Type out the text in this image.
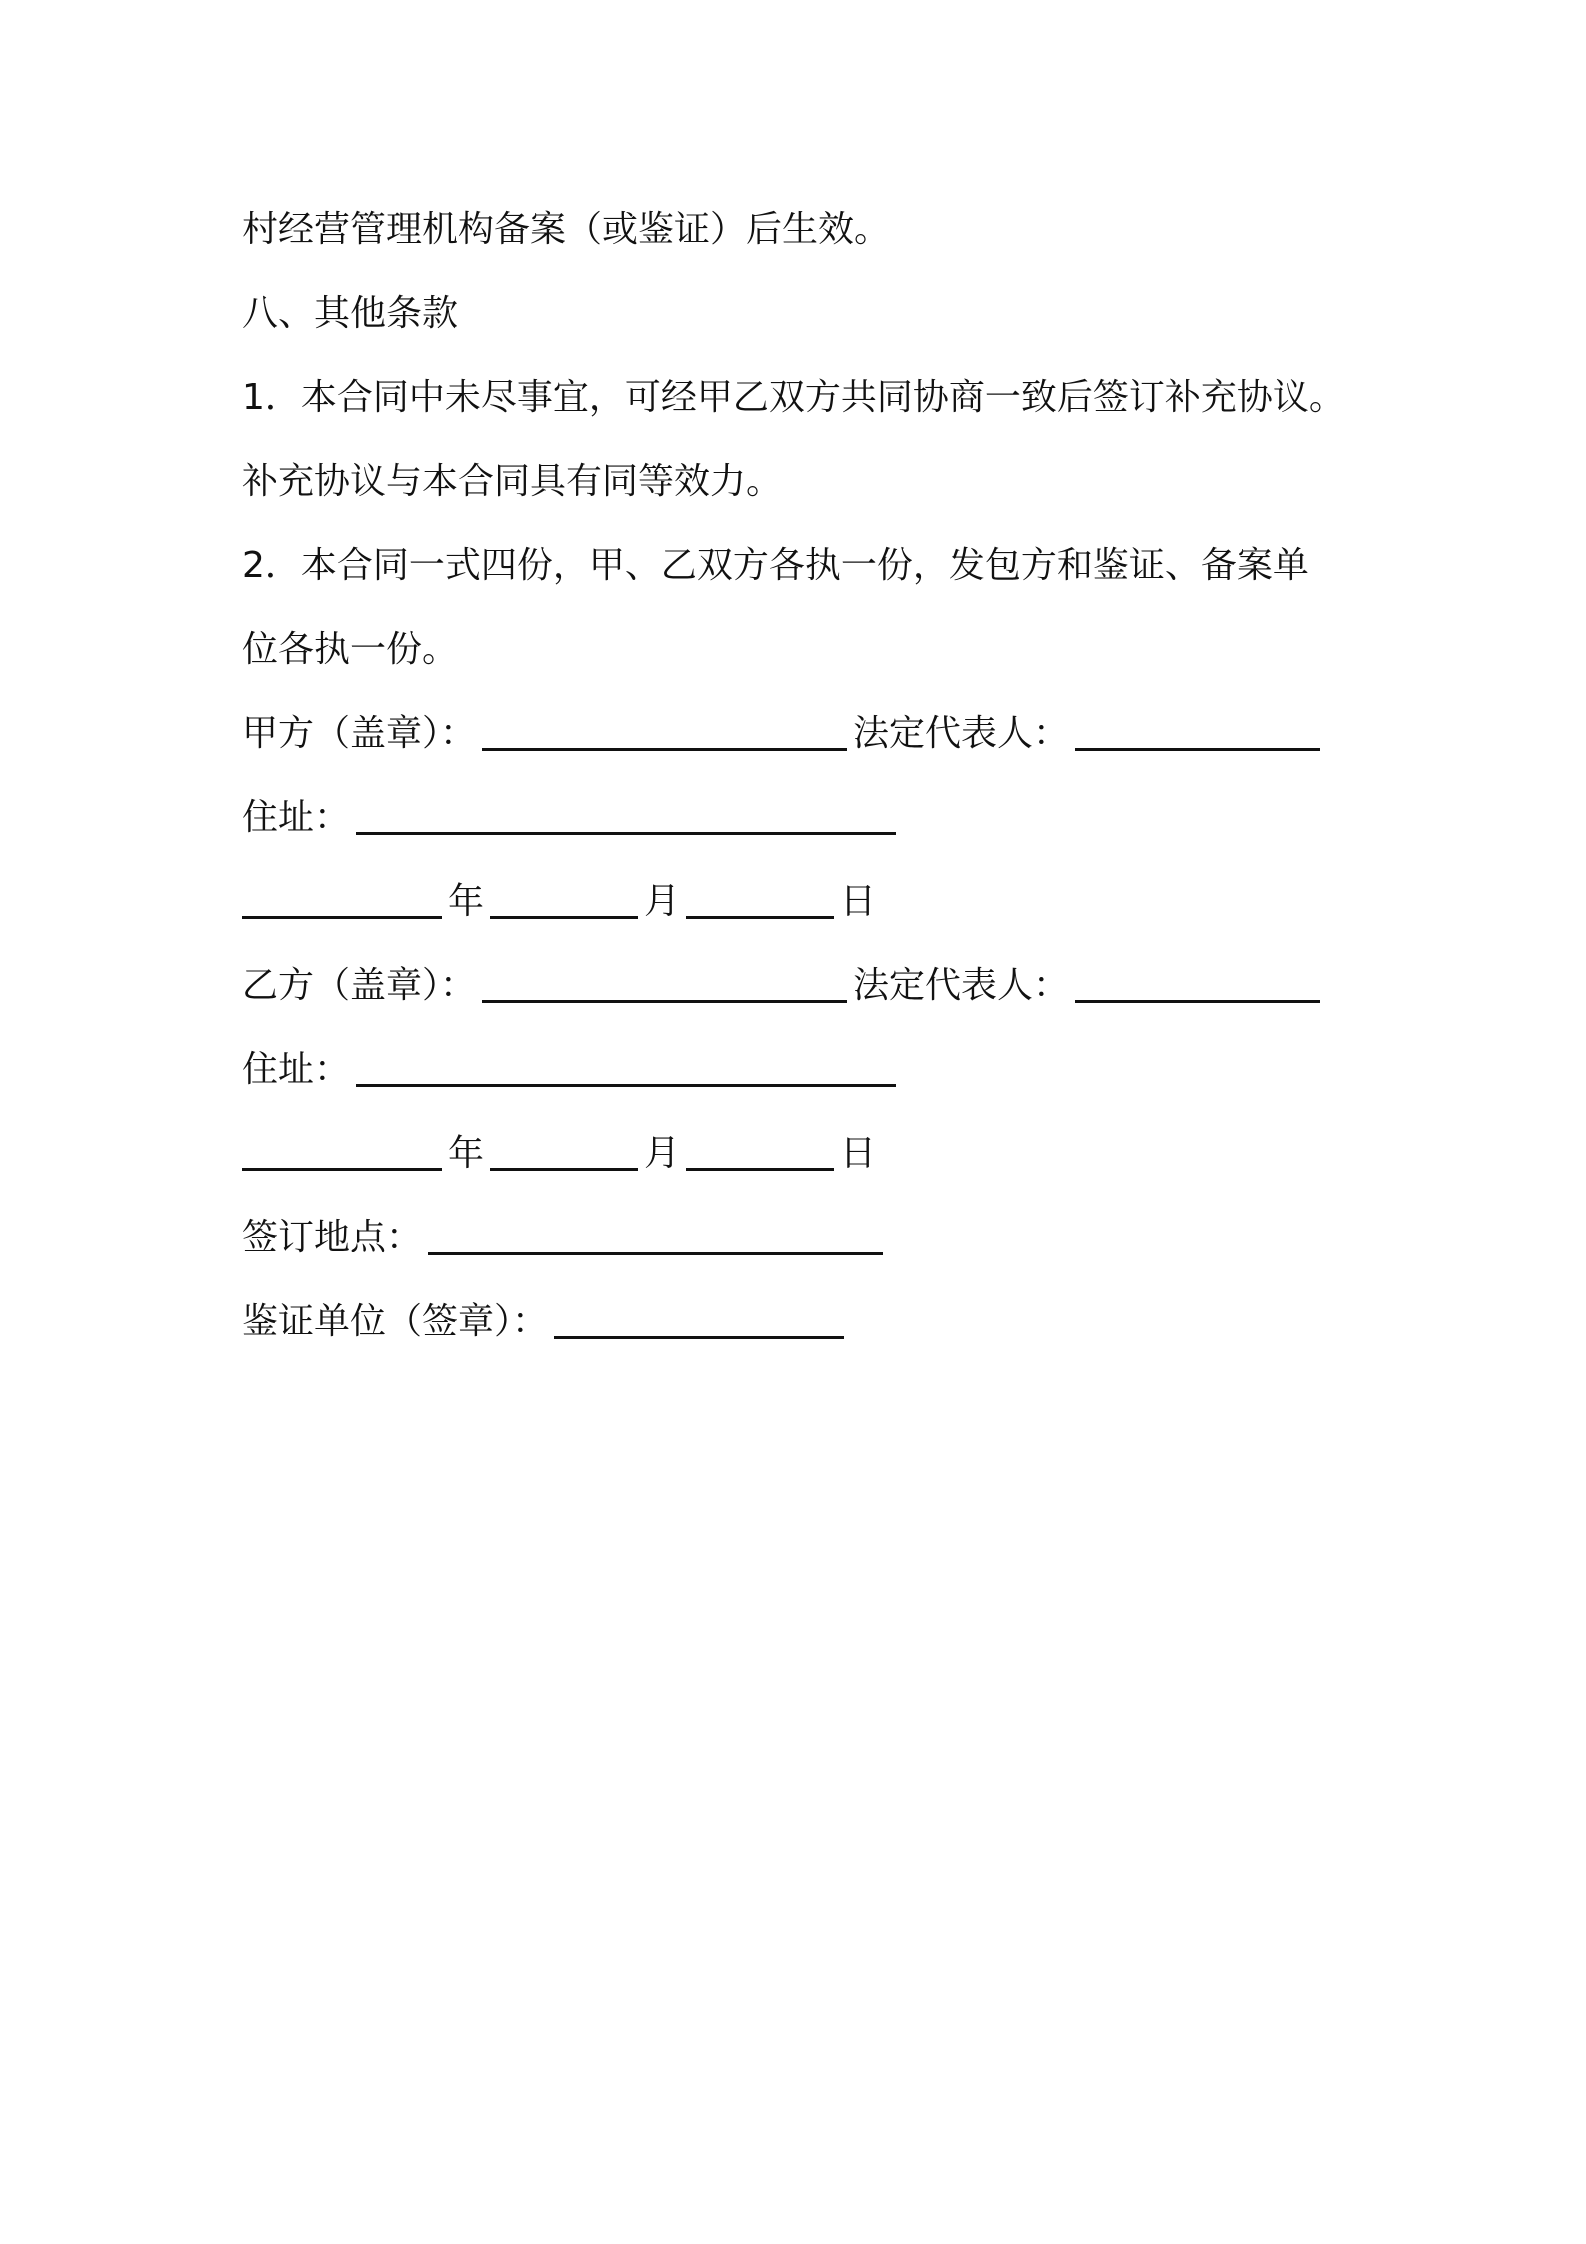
村经营管理机构备案（或鉴证）后生效。
八、其他条款
1．本合同中未尽事宜，可经甲乙双方共同协商一致后签订补充协议。
补充协议与本合同具有同等效力。
2．本合同一式四份，甲、乙双方各执一份，发包方和鉴证、备案单
位各执一份。
甲方（盖章）：	法定代表人：
住址：
年	月	日
乙方（盖章）：	法定代表人：
住址：
年	月	日
签订地点：
鉴证单位（签章）：
